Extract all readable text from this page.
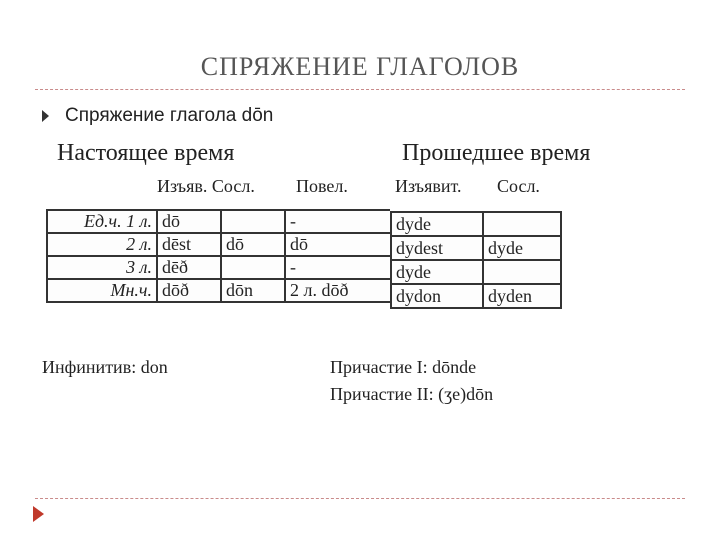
СПРЯЖЕНИЕ ГЛАГОЛОВ
Спряжение глагола dōn
Настоящее время	Прошедшее время
Изъяв. Сосл. Повел.	Изъявит. Сосл.
Ед.ч. 1 л.	dō		-
2 л.	dēst	dō	dō
3 л.	dēð		-
Мн.ч.	dōð	dōn	2 л. dōð
dyde	
dydest	dyde
dyde	
dydon	dyden
Инфинитив: don	Причастие I: dōnde
Причастие II: (ʒe)dōn
